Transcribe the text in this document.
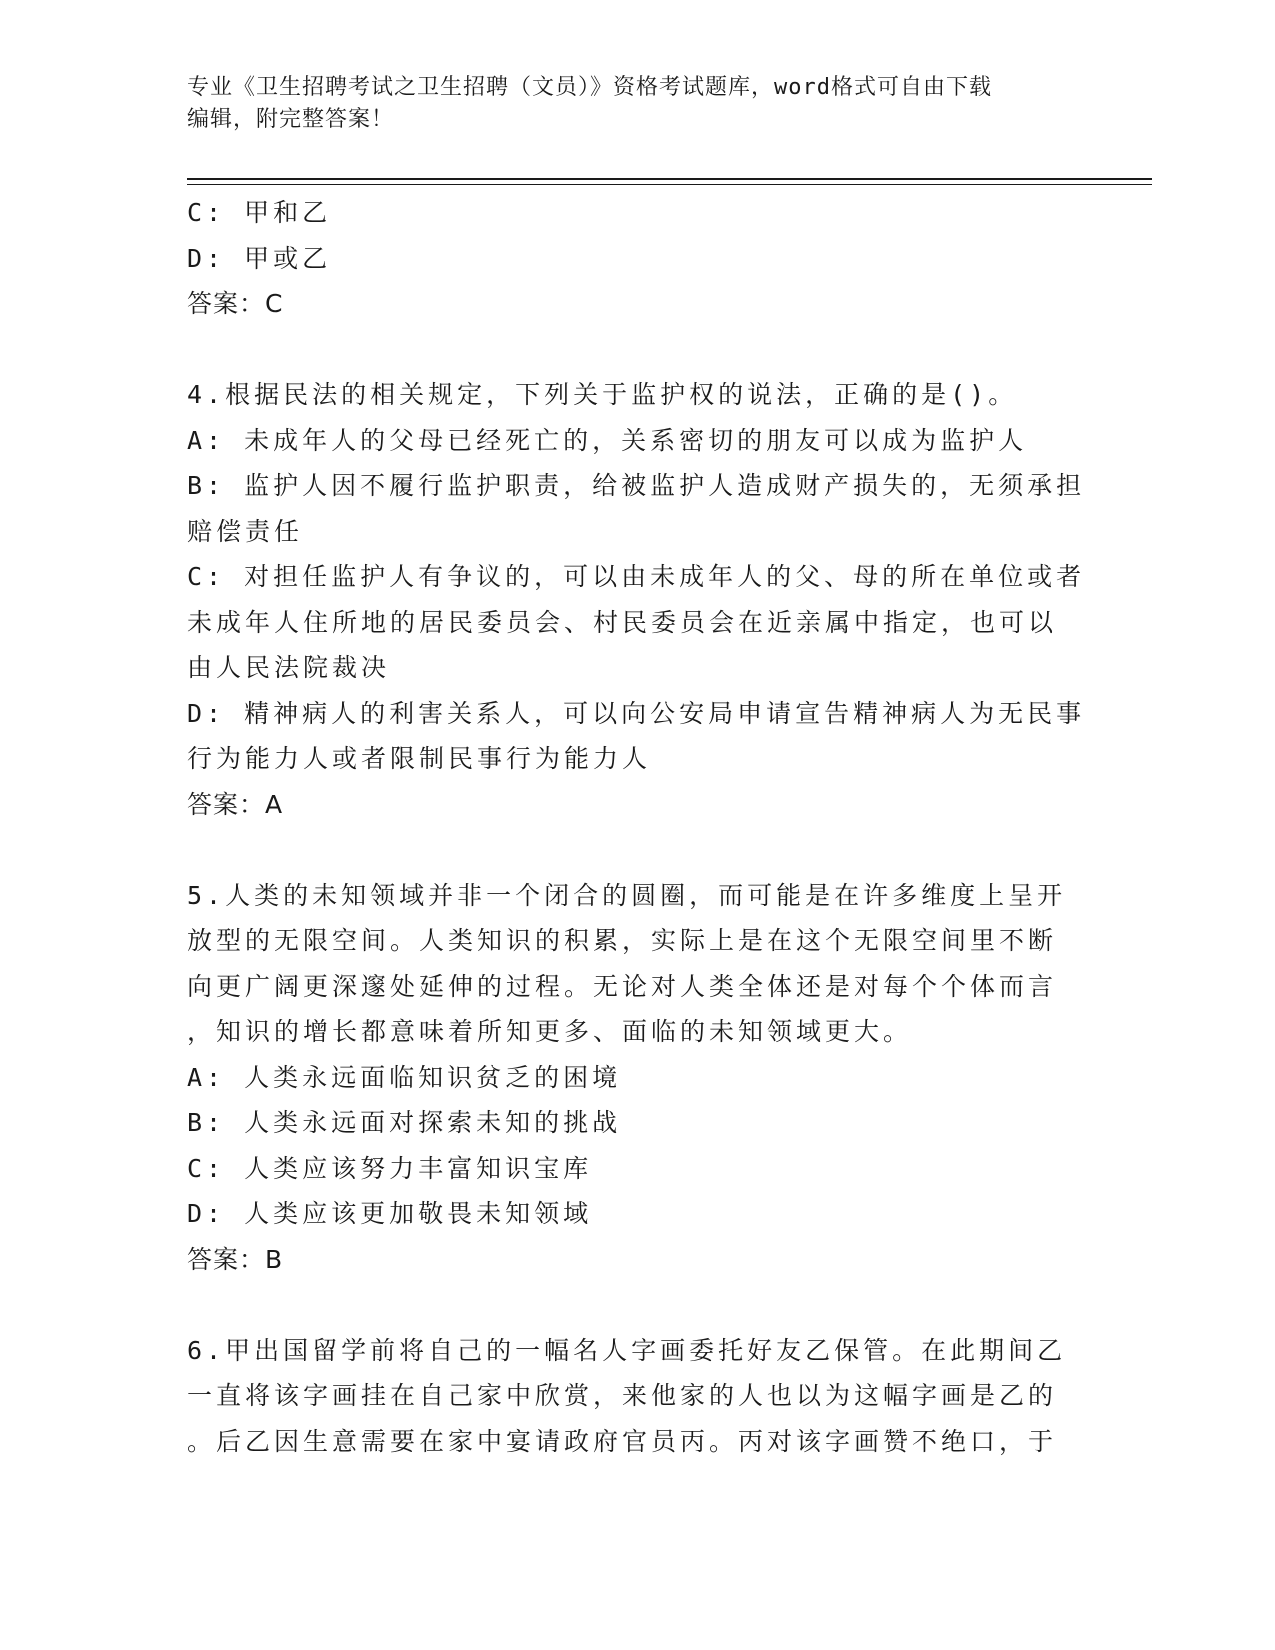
专业《卫生招聘考试之卫生招聘（文员）》资格考试题库，word格式可自由下载
编辑，附完整答案！

C: 甲和乙

D: 甲或乙

答案：C

4.根据民法的相关规定，下列关于监护权的说法，正确的是()。

A: 未成年人的父母已经死亡的，关系密切的朋友可以成为监护人

B: 监护人因不履行监护职责，给被监护人造成财产损失的，无须承担

赔偿责任

C: 对担任监护人有争议的，可以由未成年人的父、母的所在单位或者

未成年人住所地的居民委员会、村民委员会在近亲属中指定，也可以

由人民法院裁决

D: 精神病人的利害关系人，可以向公安局申请宣告精神病人为无民事

行为能力人或者限制民事行为能力人

答案：A

5.人类的未知领域并非一个闭合的圆圈，而可能是在许多维度上呈开

放型的无限空间。人类知识的积累，实际上是在这个无限空间里不断

向更广阔更深邃处延伸的过程。无论对人类全体还是对每个个体而言

，知识的增长都意味着所知更多、面临的未知领域更大。

A: 人类永远面临知识贫乏的困境

B: 人类永远面对探索未知的挑战

C: 人类应该努力丰富知识宝库

D: 人类应该更加敬畏未知领域

答案：B

6.甲出国留学前将自己的一幅名人字画委托好友乙保管。在此期间乙

一直将该字画挂在自己家中欣赏，来他家的人也以为这幅字画是乙的

。后乙因生意需要在家中宴请政府官员丙。丙对该字画赞不绝口，于
